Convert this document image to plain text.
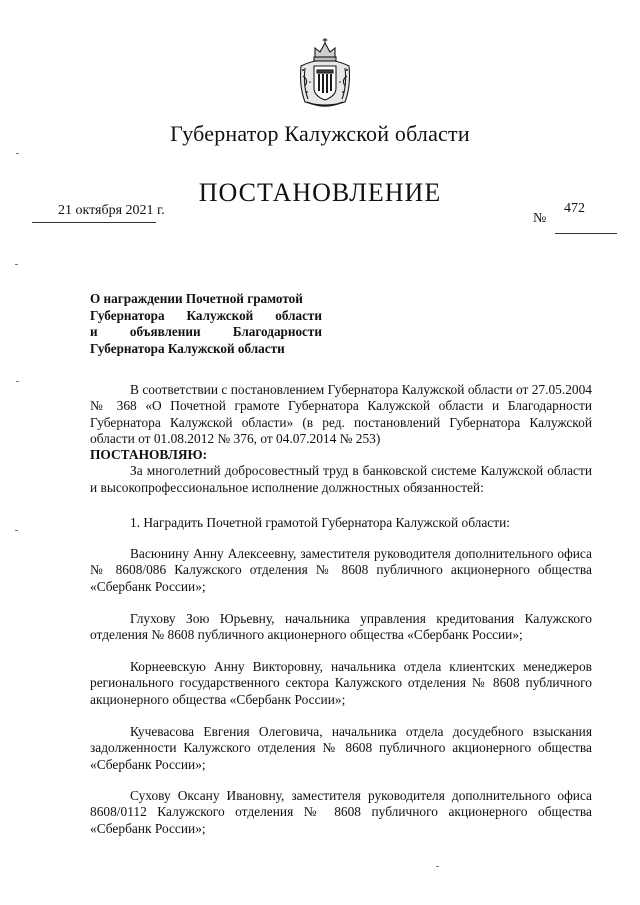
Губернатор Калужской области
ПОСТАНОВЛЕНИЕ
21 октября 2021 г.
№
472
О награждении Почетной грамотой
Губернатора Калужской области
и объявлении Благодарности
Губернатора Калужской области
В соответствии с постановлением Губернатора Калужской области от 27.05.2004 № 368 «О Почетной грамоте Губернатора Калужской области и Благодарности Губернатора Калужской области» (в ред. постановлений Губернатора Калужской области от 01.08.2012 № 376, от 04.07.2014 № 253)
ПОСТАНОВЛЯЮ:
За многолетний добросовестный труд в банковской системе Калужской области и высокопрофессиональное исполнение должностных обязанностей:
1. Наградить Почетной грамотой Губернатора Калужской области:
Васюнину Анну Алексеевну, заместителя руководителя дополнительного офиса № 8608/086 Калужского отделения № 8608 публичного акционерного общества «Сбербанк России»;
Глухову Зою Юрьевну, начальника управления кредитования Калужского отделения № 8608 публичного акционерного общества «Сбербанк России»;
Корнеевскую Анну Викторовну, начальника отдела клиентских менеджеров регионального государственного сектора Калужского отделения № 8608 публичного акционерного общества «Сбербанк России»;
Кучевасова Евгения Олеговича, начальника отдела досудебного взыскания задолженности Калужского отделения № 8608 публичного акционерного общества «Сбербанк России»;
Сухову Оксану Ивановну, заместителя руководителя дополнительного офиса 8608/0112 Калужского отделения № 8608 публичного акционерного общества «Сбербанк России»;
